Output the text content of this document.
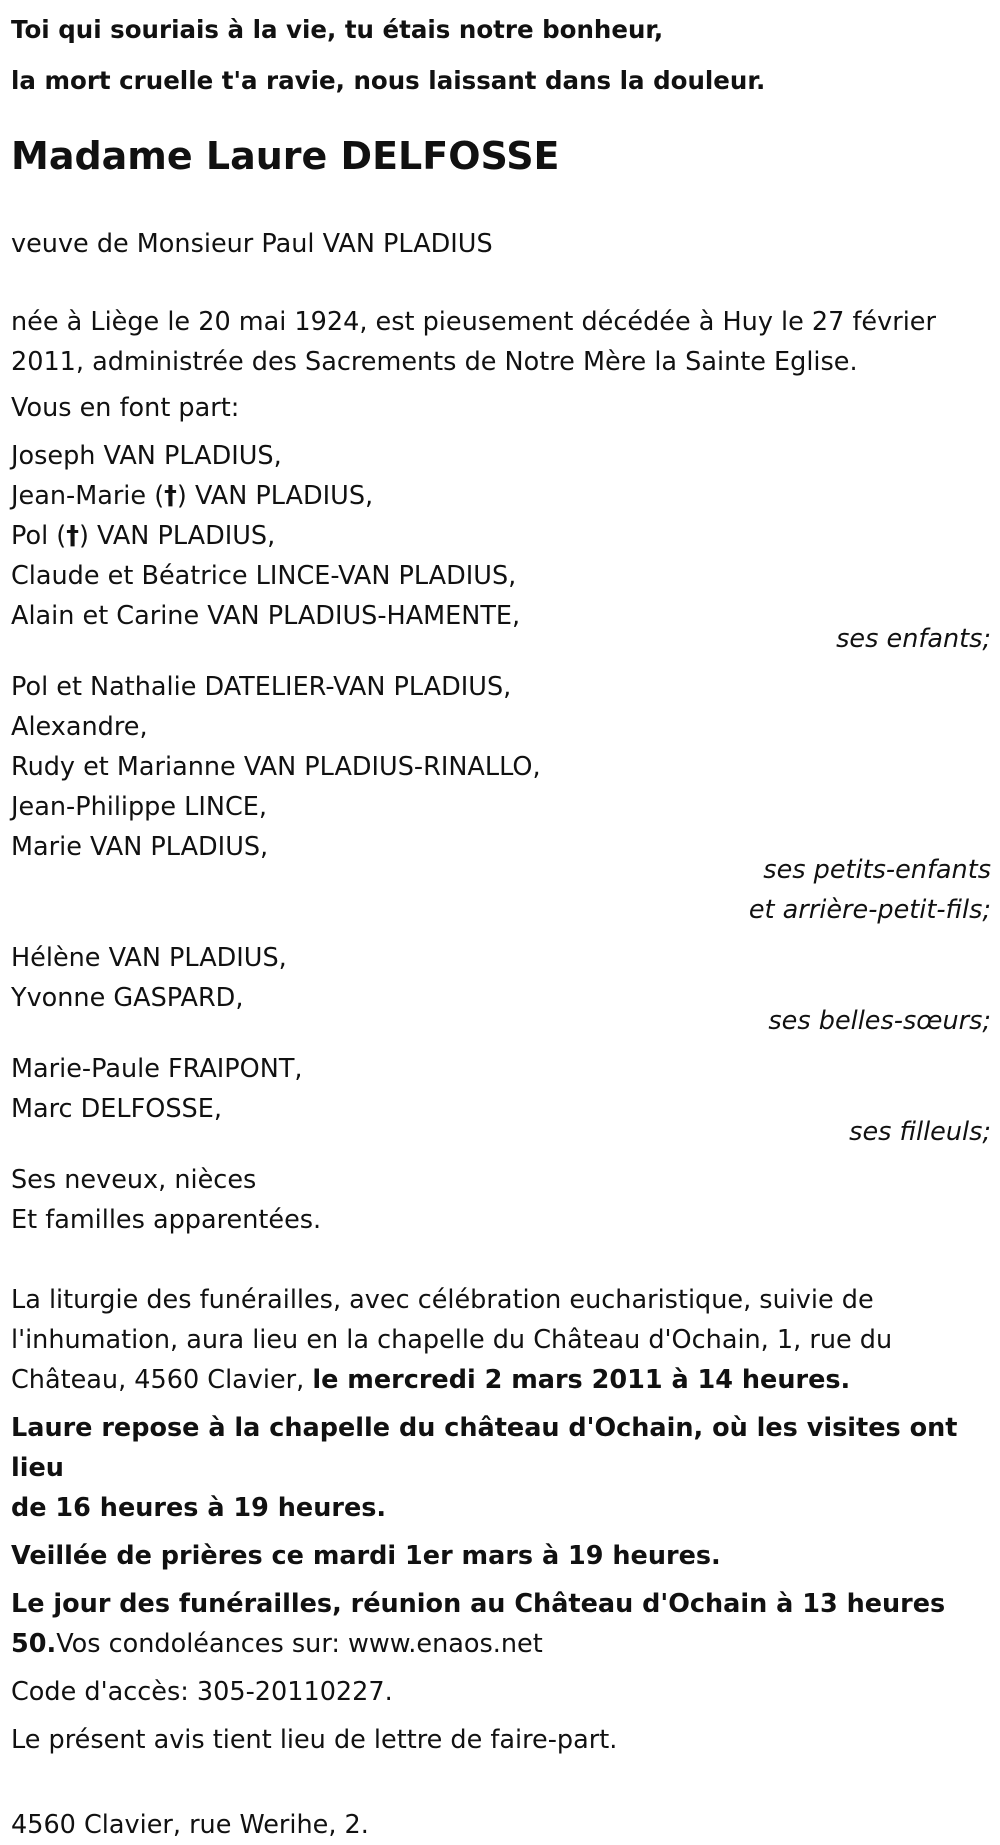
Toi qui souriais à la vie, tu étais notre bonheur,

la mort cruelle t'a ravie, nous laissant dans la douleur.

Madame Laure DELFOSSE

veuve de Monsieur Paul VAN PLADIUS

née à Liège le 20 mai 1924, est pieusement décédée à Huy le 27 février

2011, administrée des Sacrements de Notre Mère la Sainte Eglise.

Vous en font part:

Joseph VAN PLADIUS,

Jean-Marie (†) VAN PLADIUS,

Pol (†) VAN PLADIUS,

Claude et Béatrice LINCE-VAN PLADIUS,

Alain et Carine VAN PLADIUS-HAMENTE,

ses enfants;

Pol et Nathalie DATELIER-VAN PLADIUS,

Alexandre,

Rudy et Marianne VAN PLADIUS-RINALLO,

Jean-Philippe LINCE,

Marie VAN PLADIUS,

ses petits-enfants

et arrière-petit-fils;

Hélène VAN PLADIUS,

Yvonne GASPARD,

ses belles-sœurs;

Marie-Paule FRAIPONT,

Marc DELFOSSE,

ses filleuls;

Ses neveux, nièces

Et familles apparentées.

La liturgie des funérailles, avec célébration eucharistique, suivie de

l'inhumation, aura lieu en la chapelle du Château d'Ochain, 1, rue du

Château, 4560 Clavier, le mercredi 2 mars 2011 à 14 heures.

Laure repose à la chapelle du château d'Ochain, où les visites ont lieu

de 16 heures à 19 heures.

Veillée de prières ce mardi 1er mars à 19 heures.

Le jour des funérailles, réunion au Château d'Ochain à 13 heures

50.Vos condoléances sur: www.enaos.net

Code d'accès: 305-20110227.

Le présent avis tient lieu de lettre de faire-part.

4560 Clavier, rue Werihe, 2.
